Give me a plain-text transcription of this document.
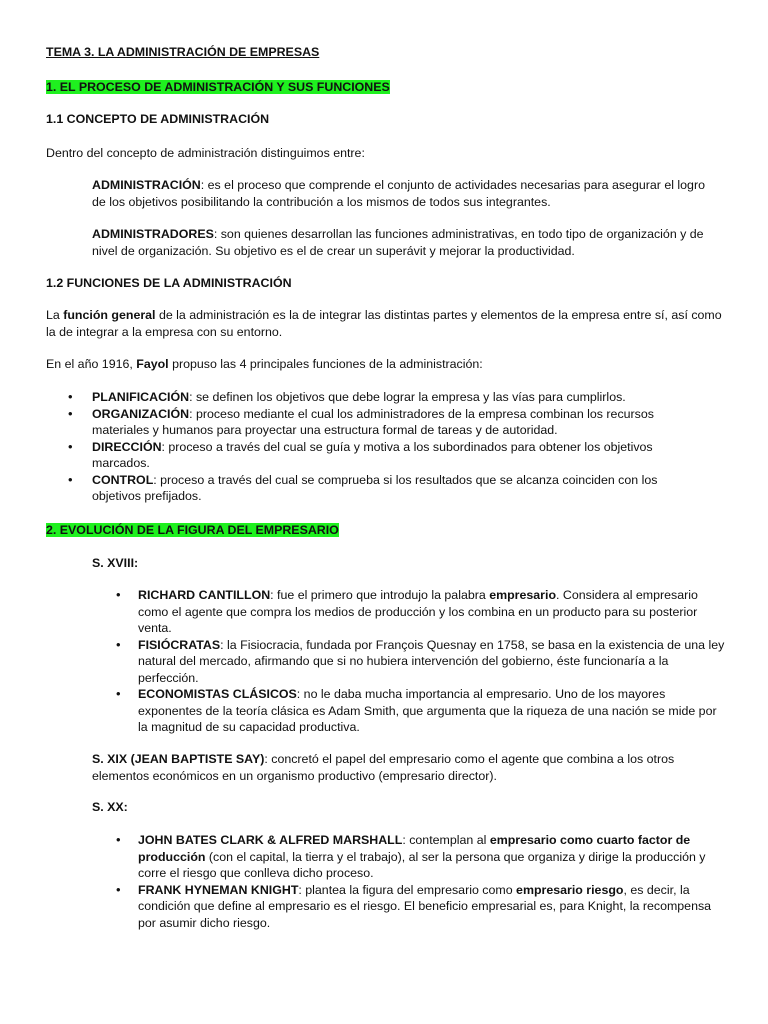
TEMA 3. LA ADMINISTRACIÓN DE EMPRESAS

1. EL PROCESO DE ADMINISTRACIÓN Y SUS FUNCIONES

1.1 CONCEPTO DE ADMINISTRACIÓN

Dentro del concepto de administración distinguimos entre:

ADMINISTRACIÓN: es el proceso que comprende el conjunto de actividades necesarias para asegurar el logro de los objetivos posibilitando la contribución a los mismos de todos sus integrantes.

ADMINISTRADORES: son quienes desarrollan las funciones administrativas, en todo tipo de organización y de nivel de organización. Su objetivo es el de crear un superávit y mejorar la productividad.

1.2 FUNCIONES DE LA ADMINISTRACIÓN

La función general de la administración es la de integrar las distintas partes y elementos de la empresa entre sí, así como la de integrar a la empresa con su entorno.

En el año 1916, Fayol propuso las 4 principales funciones de la administración:

• PLANIFICACIÓN: se definen los objetivos que debe lograr la empresa y las vías para cumplirlos.
• ORGANIZACIÓN: proceso mediante el cual los administradores de la empresa combinan los recursos materiales y humanos para proyectar una estructura formal de tareas y de autoridad.
• DIRECCIÓN: proceso a través del cual se guía y motiva a los subordinados para obtener los objetivos marcados.
• CONTROL: proceso a través del cual se comprueba si los resultados que se alcanza coinciden con los objetivos prefijados.

2. EVOLUCIÓN DE LA FIGURA DEL EMPRESARIO

S. XVIII:

• RICHARD CANTILLON: fue el primero que introdujo la palabra empresario. Considera al empresario como el agente que compra los medios de producción y los combina en un producto para su posterior venta.
• FISIÓCRATAS: la Fisiocracia, fundada por François Quesnay en 1758, se basa en la existencia de una ley natural del mercado, afirmando que si no hubiera intervención del gobierno, éste funcionaría a la perfección.
• ECONOMISTAS CLÁSICOS: no le daba mucha importancia al empresario. Uno de los mayores exponentes de la teoría clásica es Adam Smith, que argumenta que la riqueza de una nación se mide por la magnitud de su capacidad productiva.

S. XIX (JEAN BAPTISTE SAY): concretó el papel del empresario como el agente que combina a los otros elementos económicos en un organismo productivo (empresario director).

S. XX:

• JOHN BATES CLARK & ALFRED MARSHALL: contemplan al empresario como cuarto factor de producción (con el capital, la tierra y el trabajo), al ser la persona que organiza y dirige la producción y corre el riesgo que conlleva dicho proceso.
• FRANK HYNEMAN KNIGHT: plantea la figura del empresario como empresario riesgo, es decir, la condición que define al empresario es el riesgo. El beneficio empresarial es, para Knight, la recompensa por asumir dicho riesgo.
